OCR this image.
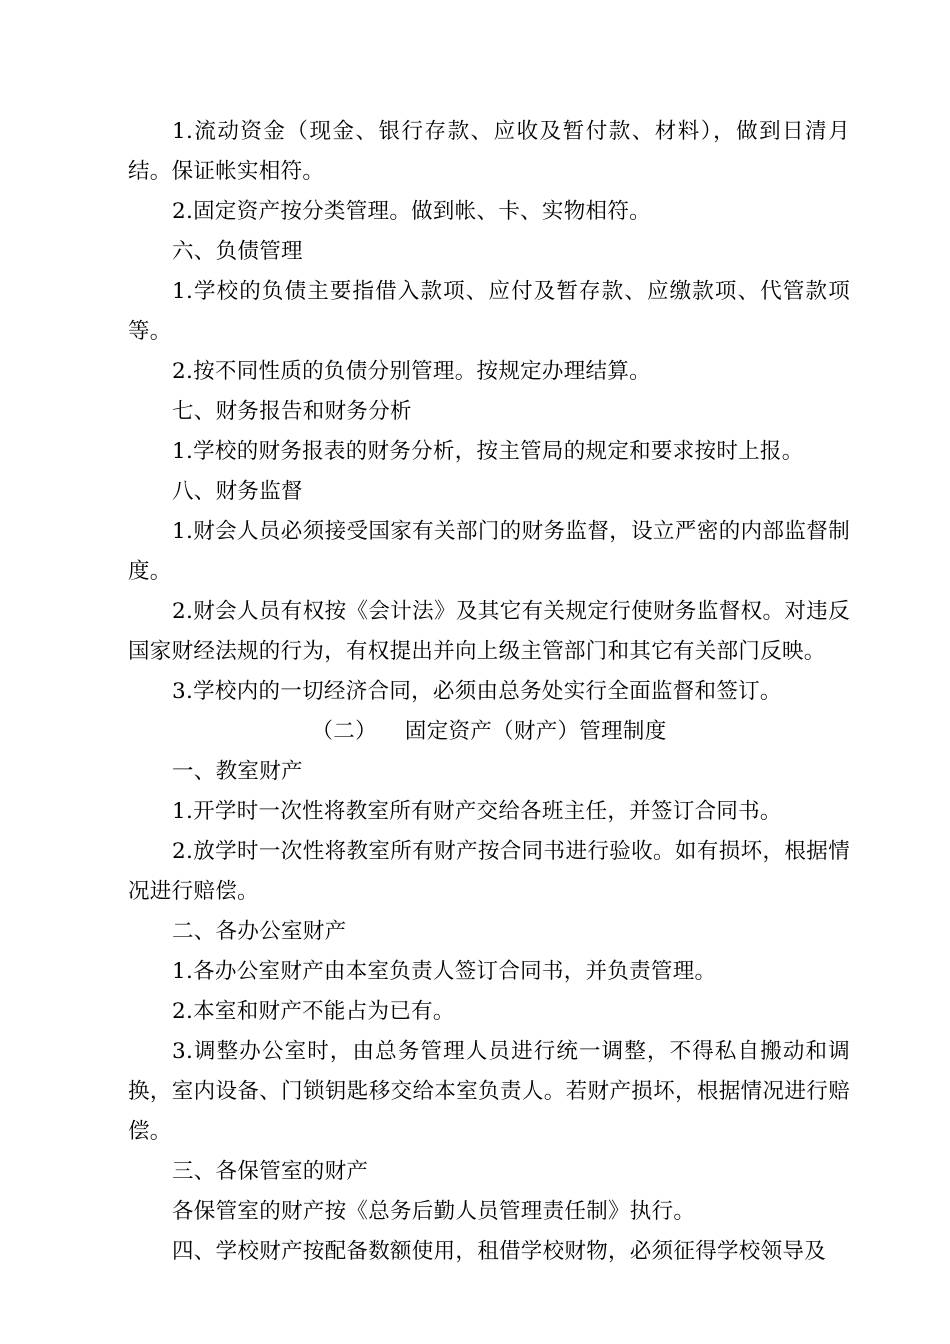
1.流动资金（现金、银行存款、应收及暂付款、材料），做到日清月结。保证帐实相符。

2.固定资产按分类管理。做到帐、卡、实物相符。

六、负债管理

1.学校的负债主要指借入款项、应付及暂存款、应缴款项、代管款项等。

2.按不同性质的负债分别管理。按规定办理结算。

七、财务报告和财务分析

1.学校的财务报表的财务分析，按主管局的规定和要求按时上报。

八、财务监督

1.财会人员必须接受国家有关部门的财务监督，设立严密的内部监督制度。

2.财会人员有权按《会计法》及其它有关规定行使财务监督权。对违反国家财经法规的行为，有权提出并向上级主管部门和其它有关部门反映。

3.学校内的一切经济合同，必须由总务处实行全面监督和签订。

（二） 固定资产（财产）管理制度

一、教室财产

1.开学时一次性将教室所有财产交给各班主任，并签订合同书。

2.放学时一次性将教室所有财产按合同书进行验收。如有损坏，根据情况进行赔偿。

二、各办公室财产

1.各办公室财产由本室负责人签订合同书，并负责管理。

2.本室和财产不能占为已有。

3.调整办公室时，由总务管理人员进行统一调整，不得私自搬动和调换，室内设备、门锁钥匙移交给本室负责人。若财产损坏，根据情况进行赔偿。

三、各保管室的财产

各保管室的财产按《总务后勤人员管理责任制》执行。

四、学校财产按配备数额使用，租借学校财物，必须征得学校领导及
